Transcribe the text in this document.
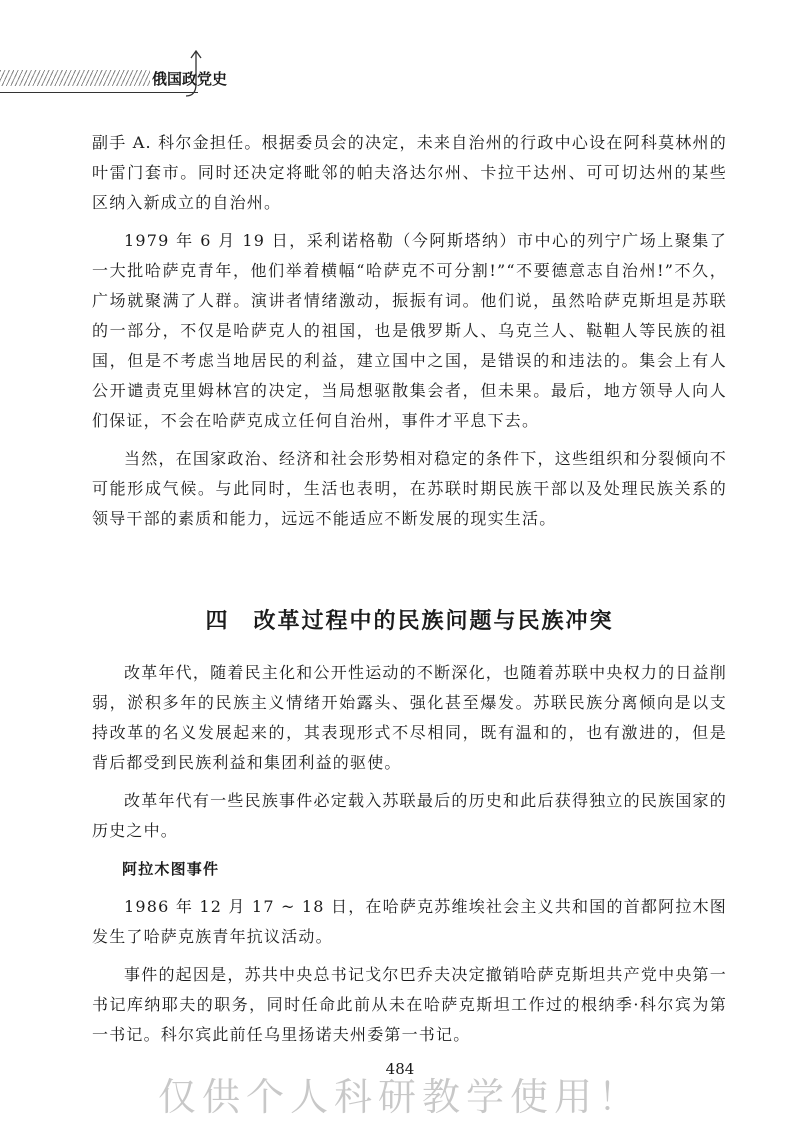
俄国政党史

副手 A. 科尔金担任。根据委员会的决定，未来自治州的行政中心设在阿科莫林州的叶雷门套市。同时还决定将毗邻的帕夫洛达尔州、卡拉干达州、可可切达州的某些区纳入新成立的自治州。

1979 年 6 月 19 日，采利诺格勒（今阿斯塔纳）市中心的列宁广场上聚集了一大批哈萨克青年，他们举着横幅“哈萨克不可分割!”“不要德意志自治州!”不久，广场就聚满了人群。演讲者情绪激动，振振有词。他们说，虽然哈萨克斯坦是苏联的一部分，不仅是哈萨克人的祖国，也是俄罗斯人、乌克兰人、鞑靼人等民族的祖国，但是不考虑当地居民的利益，建立国中之国，是错误的和违法的。集会上有人公开谴责克里姆林宫的决定，当局想驱散集会者，但未果。最后，地方领导人向人们保证，不会在哈萨克成立任何自治州，事件才平息下去。

当然，在国家政治、经济和社会形势相对稳定的条件下，这些组织和分裂倾向不可能形成气候。与此同时，生活也表明，在苏联时期民族干部以及处理民族关系的领导干部的素质和能力，远远不能适应不断发展的现实生活。

四　改革过程中的民族问题与民族冲突

改革年代，随着民主化和公开性运动的不断深化，也随着苏联中央权力的日益削弱，淤积多年的民族主义情绪开始露头、强化甚至爆发。苏联民族分离倾向是以支持改革的名义发展起来的，其表现形式不尽相同，既有温和的，也有激进的，但是背后都受到民族利益和集团利益的驱使。

改革年代有一些民族事件必定载入苏联最后的历史和此后获得独立的民族国家的历史之中。

阿拉木图事件

1986 年 12 月 17 ~ 18 日，在哈萨克苏维埃社会主义共和国的首都阿拉木图发生了哈萨克族青年抗议活动。

事件的起因是，苏共中央总书记戈尔巴乔夫决定撤销哈萨克斯坦共产党中央第一书记库纳耶夫的职务，同时任命此前从未在哈萨克斯坦工作过的根纳季·科尔宾为第一书记。科尔宾此前任乌里扬诺夫州委第一书记。

484
仅供个人科研教学使用！
